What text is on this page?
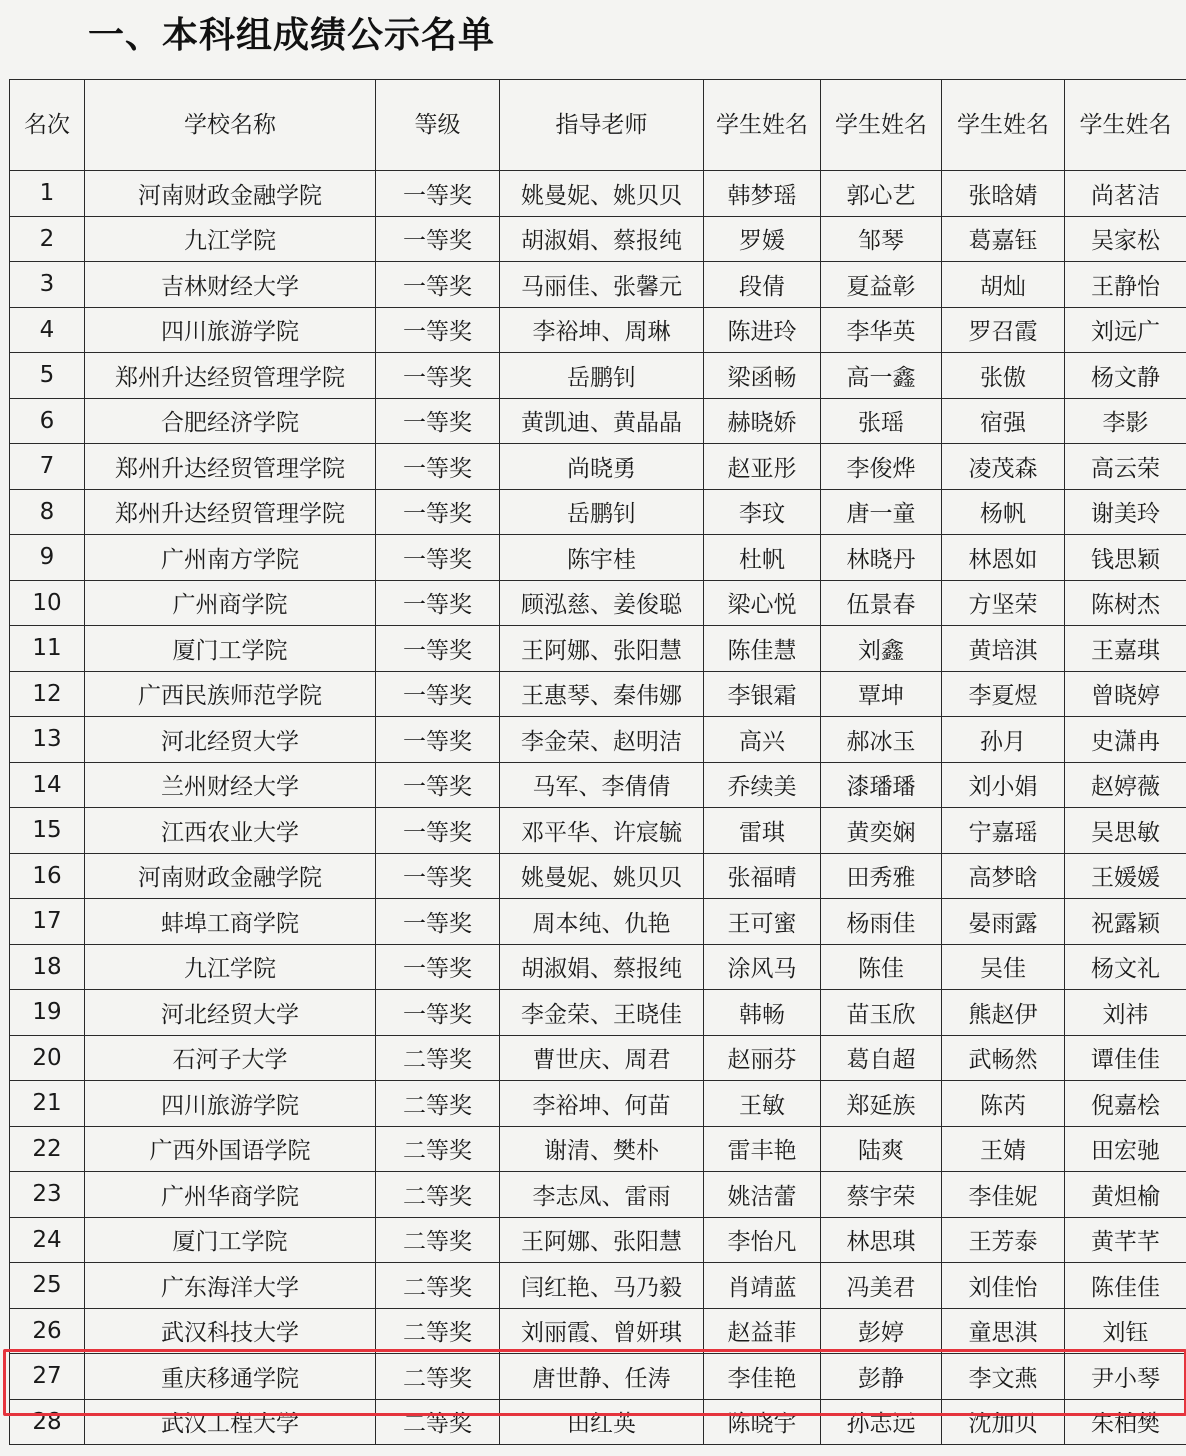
一、本科组成绩公示名单
名次	学校名称	等级	指导老师	学生姓名	学生姓名	学生姓名	学生姓名
1	河南财政金融学院	一等奖	姚曼妮、姚贝贝	韩梦瑶	郭心艺	张晗婧	尚茗洁
2	九江学院	一等奖	胡淑娟、蔡报纯	罗媛	邹琴	葛嘉钰	吴家松
3	吉林财经大学	一等奖	马丽佳、张馨元	段倩	夏益彰	胡灿	王静怡
4	四川旅游学院	一等奖	李裕坤、周琳	陈进玲	李华英	罗召霞	刘远广
5	郑州升达经贸管理学院	一等奖	岳鹏钊	梁函畅	高一鑫	张傲	杨文静
6	合肥经济学院	一等奖	黄凯迪、黄晶晶	赫晓娇	张瑶	宿强	李影
7	郑州升达经贸管理学院	一等奖	尚晓勇	赵亚彤	李俊烨	凌茂森	高云荣
8	郑州升达经贸管理学院	一等奖	岳鹏钊	李玟	唐一童	杨帆	谢美玲
9	广州南方学院	一等奖	陈宇桂	杜帆	林晓丹	林恩如	钱思颖
10	广州商学院	一等奖	顾泓慈、姜俊聪	梁心悦	伍景春	方坚荣	陈树杰
11	厦门工学院	一等奖	王阿娜、张阳慧	陈佳慧	刘鑫	黄培淇	王嘉琪
12	广西民族师范学院	一等奖	王惠琴、秦伟娜	李银霜	覃坤	李夏煜	曾晓婷
13	河北经贸大学	一等奖	李金荣、赵明洁	高兴	郝冰玉	孙月	史潇冉
14	兰州财经大学	一等奖	马军、李倩倩	乔续美	漆璠璠	刘小娟	赵婷薇
15	江西农业大学	一等奖	邓平华、许宸毓	雷琪	黄奕娴	宁嘉瑶	吴思敏
16	河南财政金融学院	一等奖	姚曼妮、姚贝贝	张福晴	田秀雅	高梦晗	王媛媛
17	蚌埠工商学院	一等奖	周本纯、仇艳	王可蜜	杨雨佳	晏雨露	祝露颖
18	九江学院	一等奖	胡淑娟、蔡报纯	涂风马	陈佳	吴佳	杨文礼
19	河北经贸大学	一等奖	李金荣、王晓佳	韩畅	苗玉欣	熊赵伊	刘祎
20	石河子大学	二等奖	曹世庆、周君	赵丽芬	葛自超	武畅然	谭佳佳
21	四川旅游学院	二等奖	李裕坤、何苗	王敏	郑延族	陈芮	倪嘉桧
22	广西外国语学院	二等奖	谢清、樊朴	雷丰艳	陆爽	王婧	田宏驰
23	广州华商学院	二等奖	李志凤、雷雨	姚洁蕾	蔡宇荣	李佳妮	黄炟榆
24	厦门工学院	二等奖	王阿娜、张阳慧	李怡凡	林思琪	王芳泰	黄芊芊
25	广东海洋大学	二等奖	闫红艳、马乃毅	肖靖蓝	冯美君	刘佳怡	陈佳佳
26	武汉科技大学	二等奖	刘丽霞、曾妍琪	赵益菲	彭婷	童思淇	刘钰
27	重庆移通学院	二等奖	唐世静、任涛	李佳艳	彭静	李文燕	尹小琴
28	武汉工程大学	二等奖	田红英	陈晓宇	孙志远	沈加贝	朱柏樊
